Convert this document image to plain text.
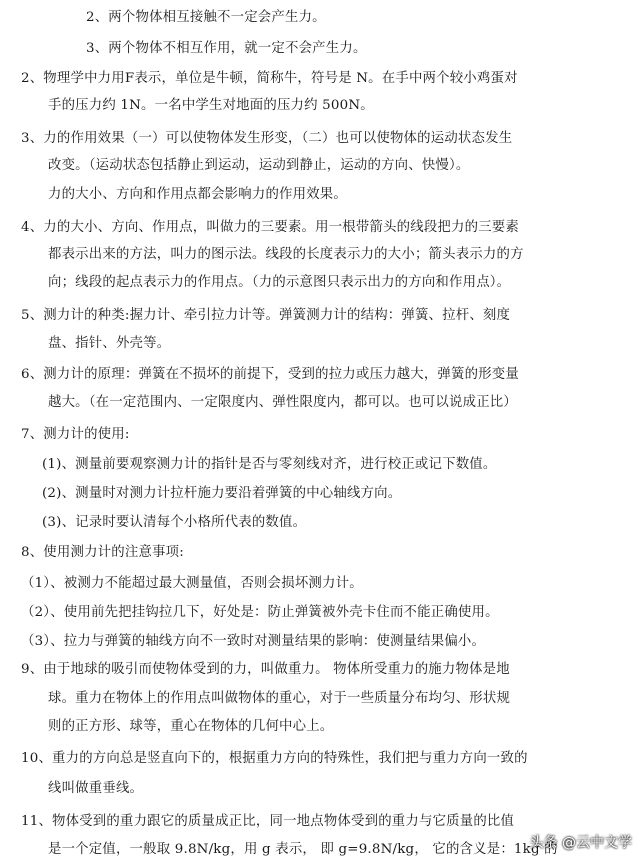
2、两个物体相互接触不一定会产生力。
3、两个物体不相互作用，就一定不会产生力。
2、物理学中力用F表示，单位是牛顿，简称牛，符号是 N。在手中两个较小鸡蛋对
手的压力约 1N。一名中学生对地面的压力约 500N。
3、力的作用效果（一）可以使物体发生形变，（二）也可以使物体的运动状态发生
改变。（运动状态包括静止到运动，运动到静止，运动的方向、快慢）。
力的大小、方向和作用点都会影响力的作用效果。
4、力的大小、方向、作用点，叫做力的三要素。用一根带箭头的线段把力的三要素
都表示出来的方法，叫力的图示法。线段的长度表示力的大小；箭头表示力的方
向；线段的起点表示力的作用点。（力的示意图只表示出力的方向和作用点）。
5、测力计的种类:握力计、牵引拉力计等。弹簧测力计的结构：弹簧、拉杆、刻度
盘、指针、外壳等。
6、测力计的原理：弹簧在不损坏的前提下，受到的拉力或压力越大，弹簧的形变量
越大。（在一定范围内、一定限度内、弹性限度内，都可以。也可以说成正比）
7、测力计的使用:
(1)、测量前要观察测力计的指针是否与零刻线对齐，进行校正或记下数值。
(2)、测量时对测力计拉杆施力要沿着弹簧的中心轴线方向。
(3)、记录时要认清每个小格所代表的数值。
8、使用测力计的注意事项:
（1）、被测力不能超过最大测量值，否则会损坏测力计。
（2）、使用前先把挂钩拉几下，好处是：防止弹簧被外壳卡住而不能正确使用。
（3）、拉力与弹簧的轴线方向不一致时对测量结果的影响：使测量结果偏小。
9、由于地球的吸引而使物体受到的力，叫做重力。 物体所受重力的施力物体是地
球。重力在物体上的作用点叫做物体的重心，对于一些质量分布均匀、形状规
则的正方形、球等，重心在物体的几何中心上。
10、重力的方向总是竖直向下的，根据重力方向的特殊性，我们把与重力方向一致的
线叫做重垂线。
11、物体受到的重力跟它的质量成正比，同一地点物体受到的重力与它质量的比值
是一个定值，一般取 9.8N/kg，用 g 表示， 即 g=9.8N/kg， 它的含义是：1kg 的
头条 @云中文学
